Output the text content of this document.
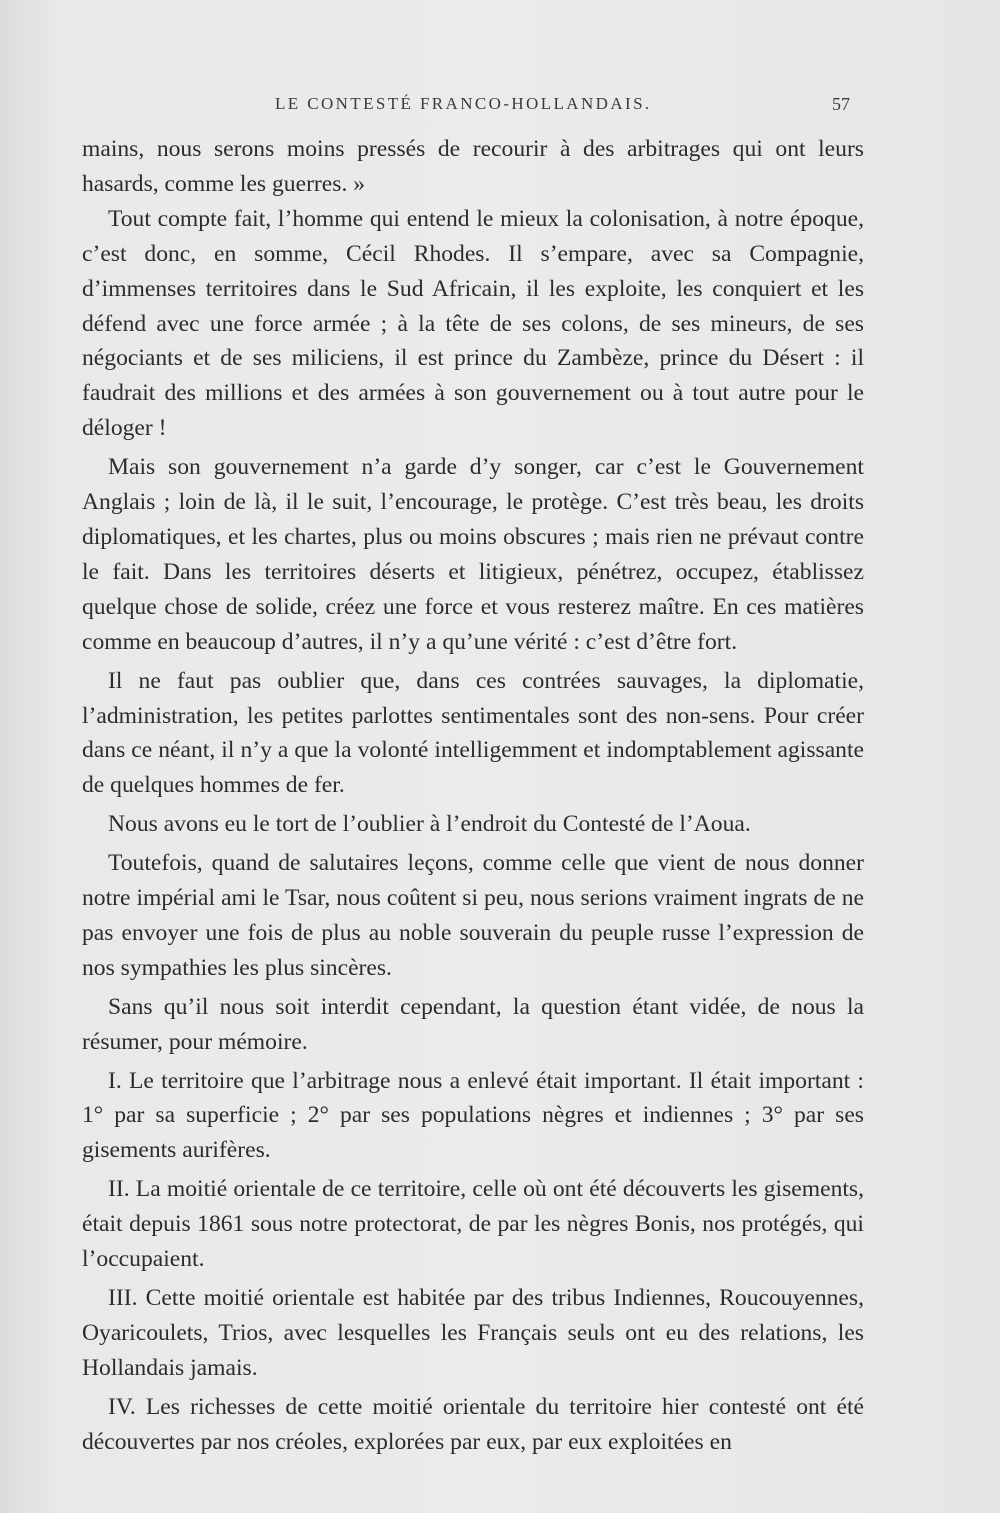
LE CONTESTÉ FRANCO-HOLLANDAIS.	57

mains, nous serons moins pressés de recourir à des arbitrages qui ont leurs hasards, comme les guerres. »

Tout compte fait, l’homme qui entend le mieux la colonisation, à notre époque, c’est donc, en somme, Cécil Rhodes. Il s’empare, avec sa Compagnie, d’immenses territoires dans le Sud Africain, il les exploite, les conquiert et les défend avec une force armée ; à la tête de ses colons, de ses mineurs, de ses négociants et de ses miliciens, il est prince du Zambèze, prince du Désert : il faudrait des millions et des armées à son gouvernement ou à tout autre pour le déloger !

Mais son gouvernement n’a garde d’y songer, car c’est le Gouvernement Anglais ; loin de là, il le suit, l’encourage, le protège. C’est très beau, les droits diplomatiques, et les chartes, plus ou moins obscures ; mais rien ne prévaut contre le fait. Dans les territoires déserts et litigieux, pénétrez, occupez, établissez quelque chose de solide, créez une force et vous resterez maître. En ces matières comme en beaucoup d’autres, il n’y a qu’une vérité : c’est d’être fort.

Il ne faut pas oublier que, dans ces contrées sauvages, la diplomatie, l’administration, les petites parlottes sentimentales sont des non-sens. Pour créer dans ce néant, il n’y a que la volonté intelligemment et indomptablement agissante de quelques hommes de fer.

Nous avons eu le tort de l’oublier à l’endroit du Contesté de l’Aoua.

Toutefois, quand de salutaires leçons, comme celle que vient de nous donner notre impérial ami le Tsar, nous coûtent si peu, nous serions vraiment ingrats de ne pas envoyer une fois de plus au noble souverain du peuple russe l’expression de nos sympathies les plus sincères.

Sans qu’il nous soit interdit cependant, la question étant vidée, de nous la résumer, pour mémoire.

I. Le territoire que l’arbitrage nous a enlevé était important. Il était important : 1° par sa superficie ; 2° par ses populations nègres et indiennes ; 3° par ses gisements aurifères.

II. La moitié orientale de ce territoire, celle où ont été découverts les gisements, était depuis 1861 sous notre protectorat, de par les nègres Bonis, nos protégés, qui l’occupaient.

III. Cette moitié orientale est habitée par des tribus Indiennes, Roucouyennes, Oyaricoulets, Trios, avec lesquelles les Français seuls ont eu des relations, les Hollandais jamais.

IV. Les richesses de cette moitié orientale du territoire hier contesté ont été découvertes par nos créoles, explorées par eux, par eux exploitées en
